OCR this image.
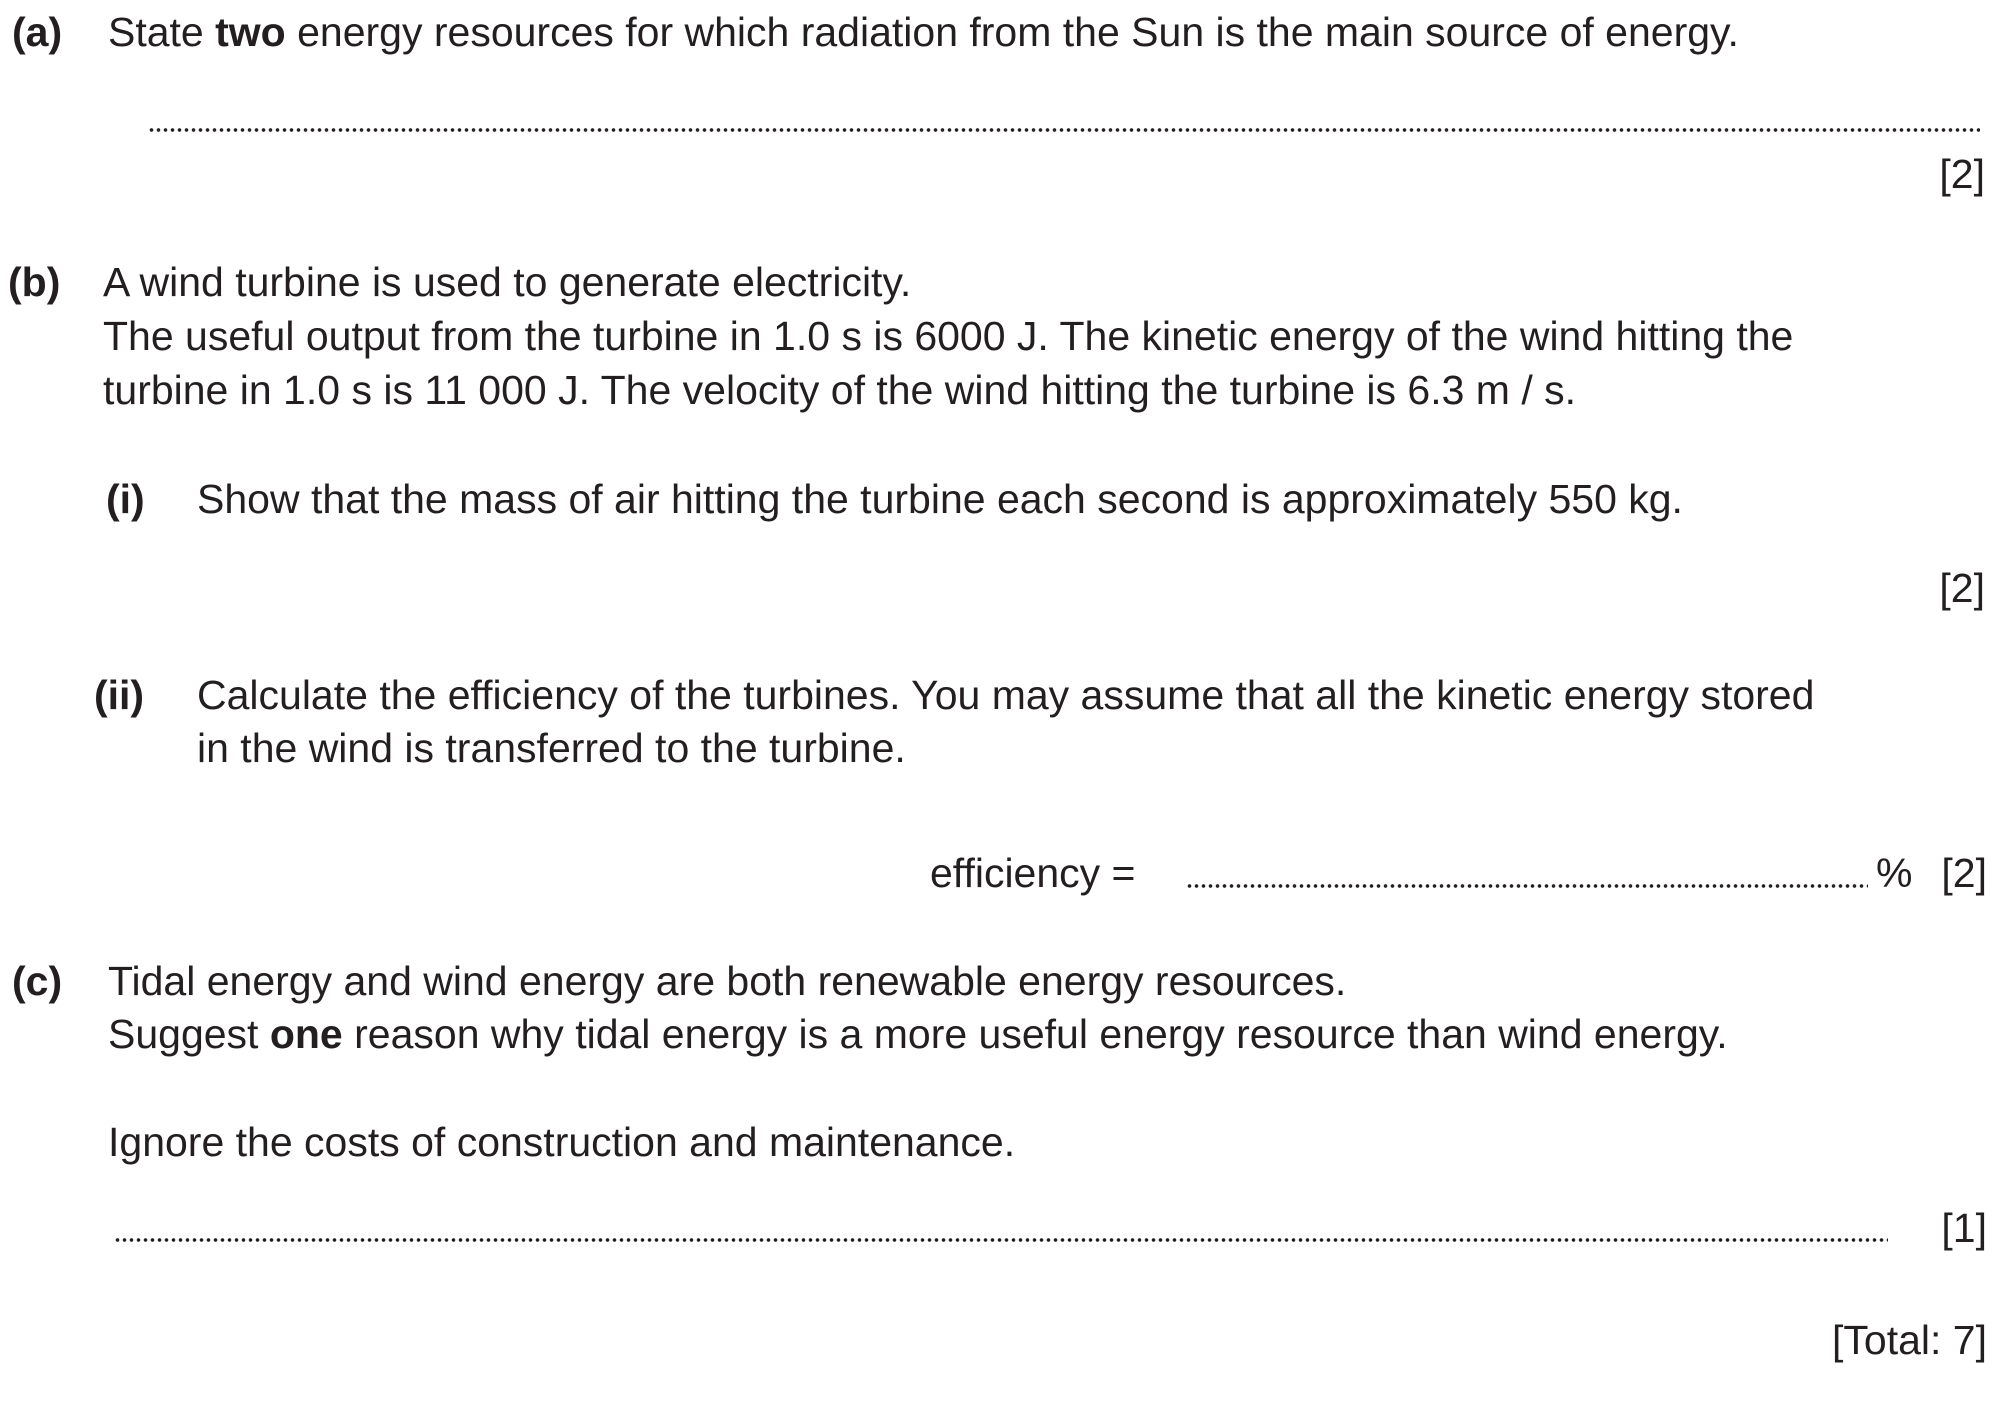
(a) State two energy resources for which radiation from the Sun is the main source of energy.
[2]
(b) A wind turbine is used to generate electricity.
The useful output from the turbine in 1.0 s is 6000 J. The kinetic energy of the wind hitting the
turbine in 1.0 s is 11 000 J. The velocity of the wind hitting the turbine is 6.3 m / s.
(i) Show that the mass of air hitting the turbine each second is approximately 550 kg.
[2]
(ii) Calculate the efficiency of the turbines. You may assume that all the kinetic energy stored
in the wind is transferred to the turbine.
efficiency =	% [2]
(c) Tidal energy and wind energy are both renewable energy resources.
Suggest one reason why tidal energy is a more useful energy resource than wind energy.
Ignore the costs of construction and maintenance.
[1]
[Total: 7]
